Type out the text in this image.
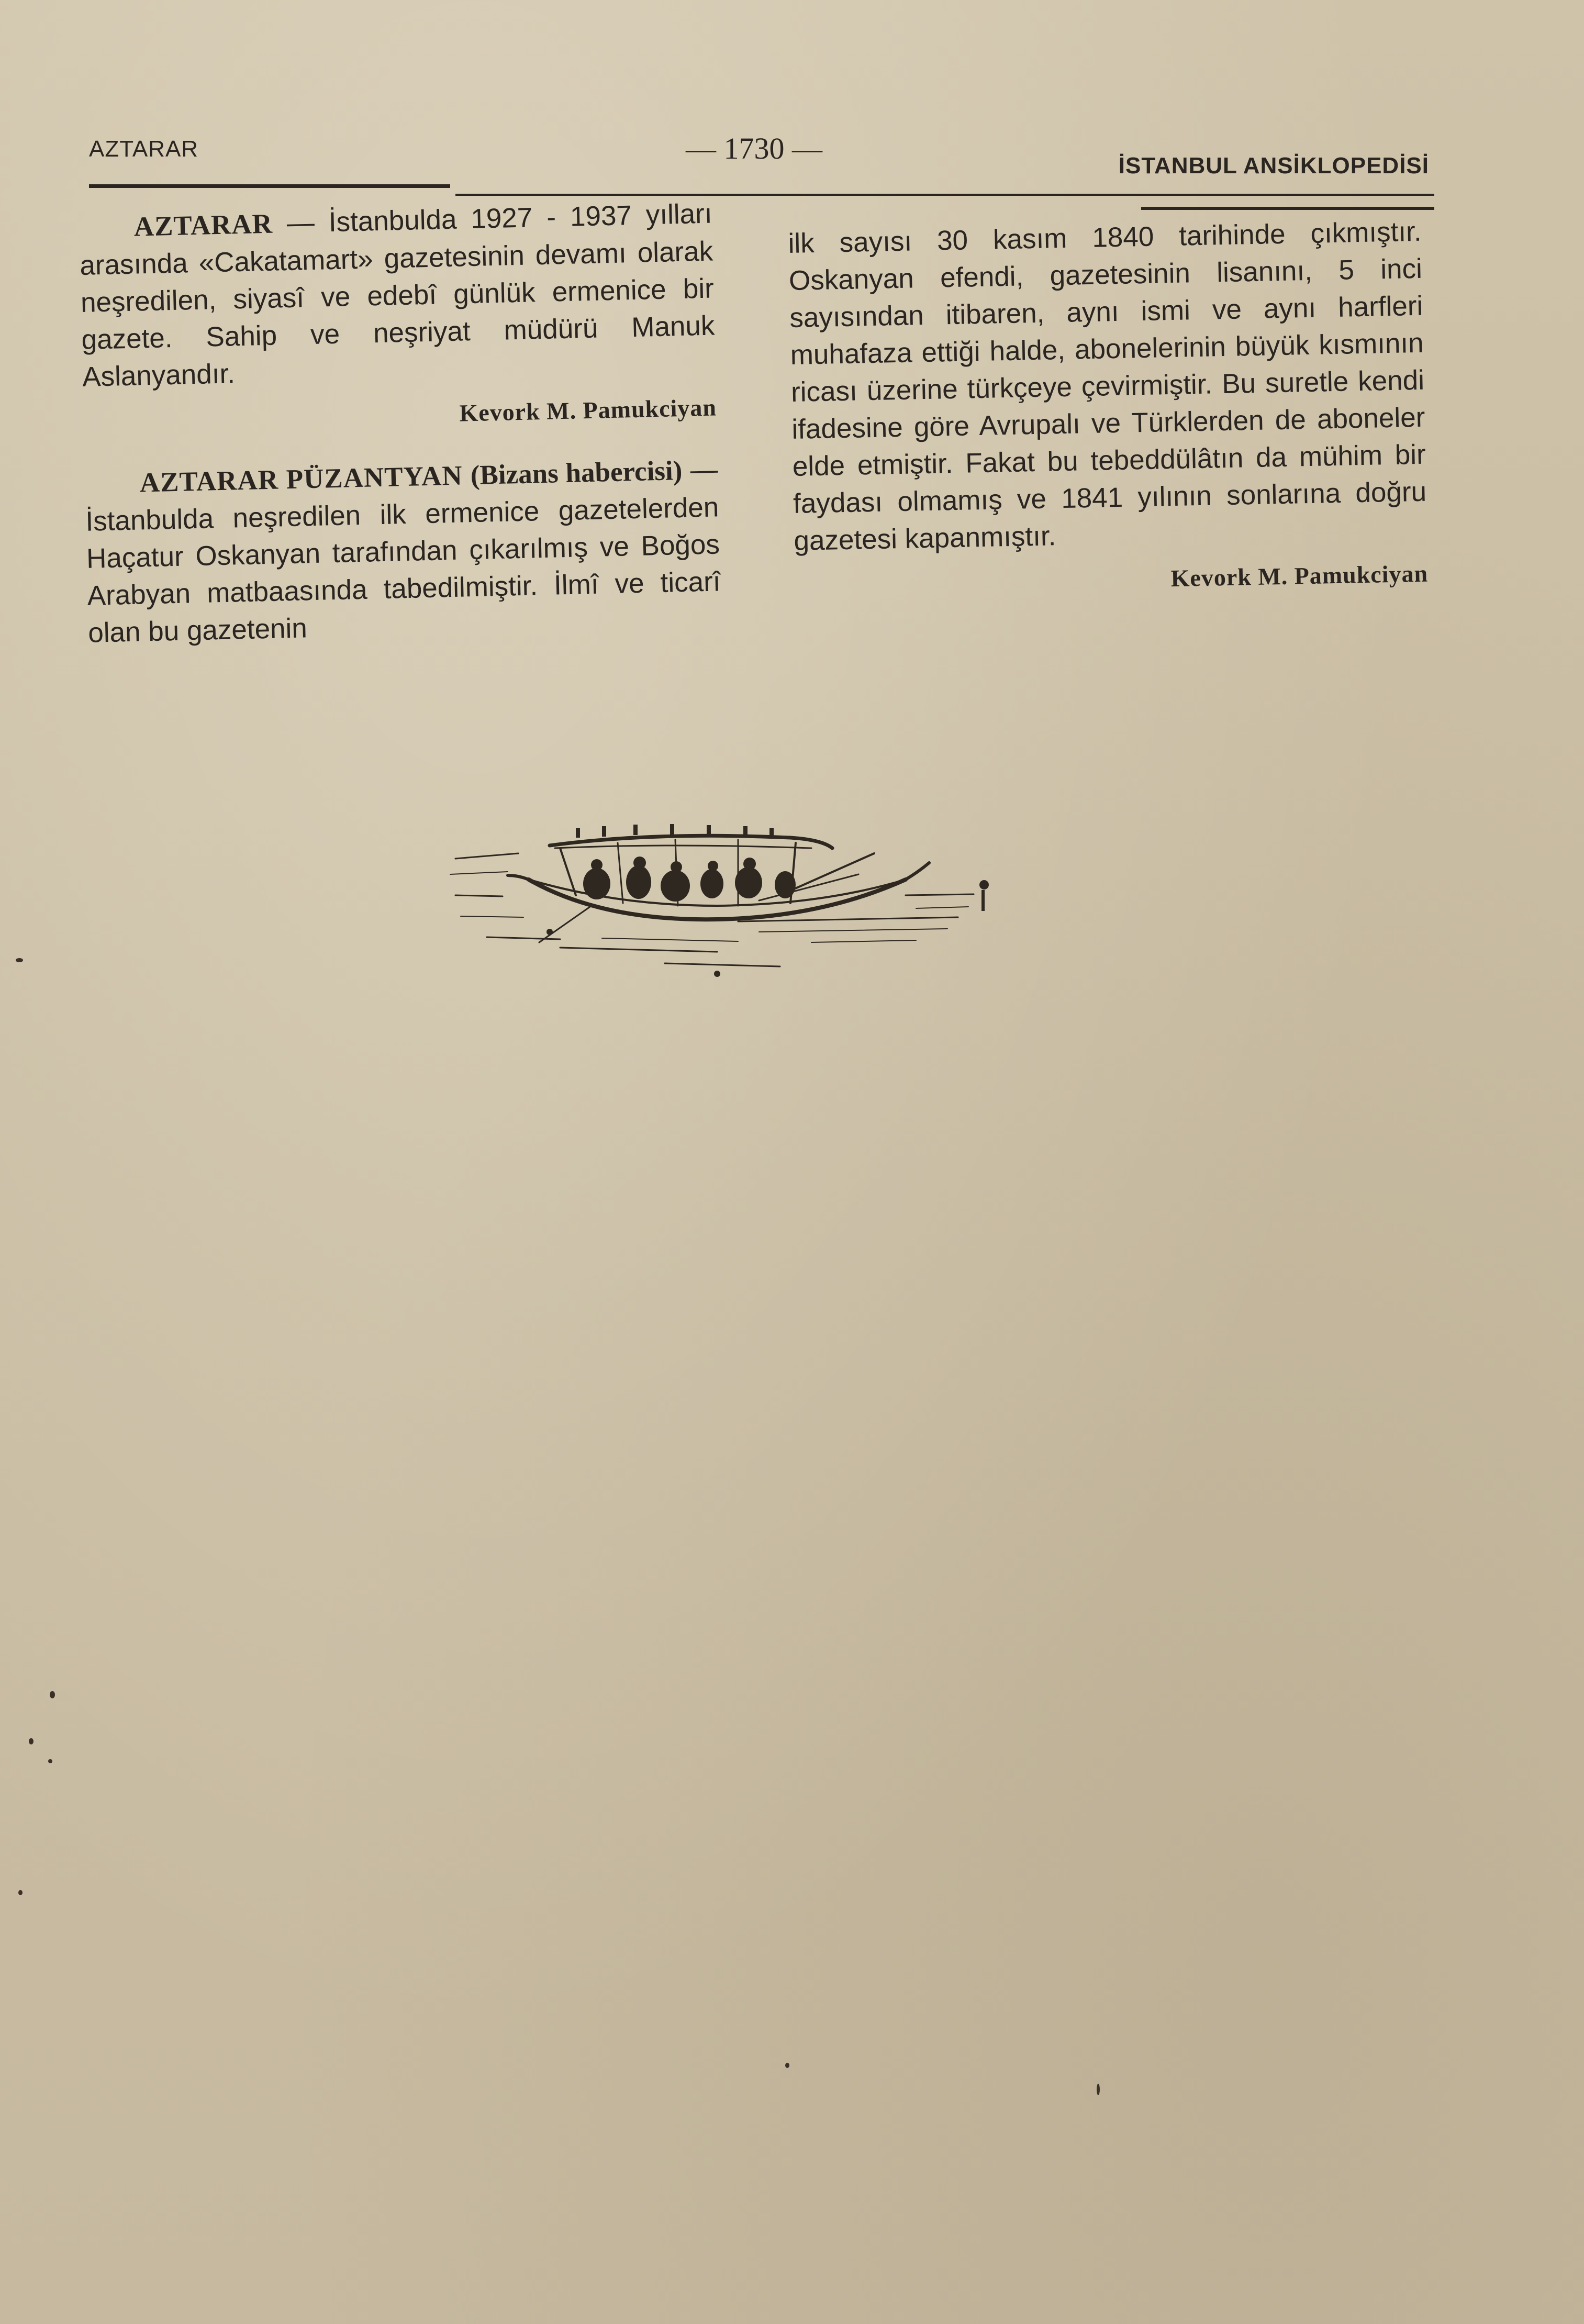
AZTARAR	— 1730 —
İSTANBUL ANSİKLOPEDİSİ

AZTARAR — İstanbulda 1927 - 1937 yılları arasında «Cakatamart» gazetesinin devamı olarak neşredilen, siyasî ve edebî günlük ermenice bir gazete. Sahip ve neşriyat müdürü Manuk Aslanyandır.

Kevork M. Pamukciyan

AZTARAR PÜZANTYAN (Bizans habercisi) — İstanbulda neşredilen ilk ermenice gazetelerden Haçatur Oskanyan tarafından çıkarılmış ve Boğos Arabyan matbaasında tabedilmiştir. İlmî ve ticarî olan bu gazetenin

ilk sayısı 30 kasım 1840 tarihinde çıkmıştır. Oskanyan efendi, gazetesinin lisanını, 5 inci sayısından itibaren, aynı ismi ve aynı harfleri muhafaza ettiği halde, abonelerinin büyük kısmının ricası üzerine türkçeye çevirmiştir. Bu suretle kendi ifadesine göre Avrupalı ve Türklerden de aboneler elde etmiştir. Fakat bu tebeddülâtın da mühim bir faydası olmamış ve 1841 yılının sonlarına doğru gazetesi kapanmıştır.

Kevork M. Pamukciyan
